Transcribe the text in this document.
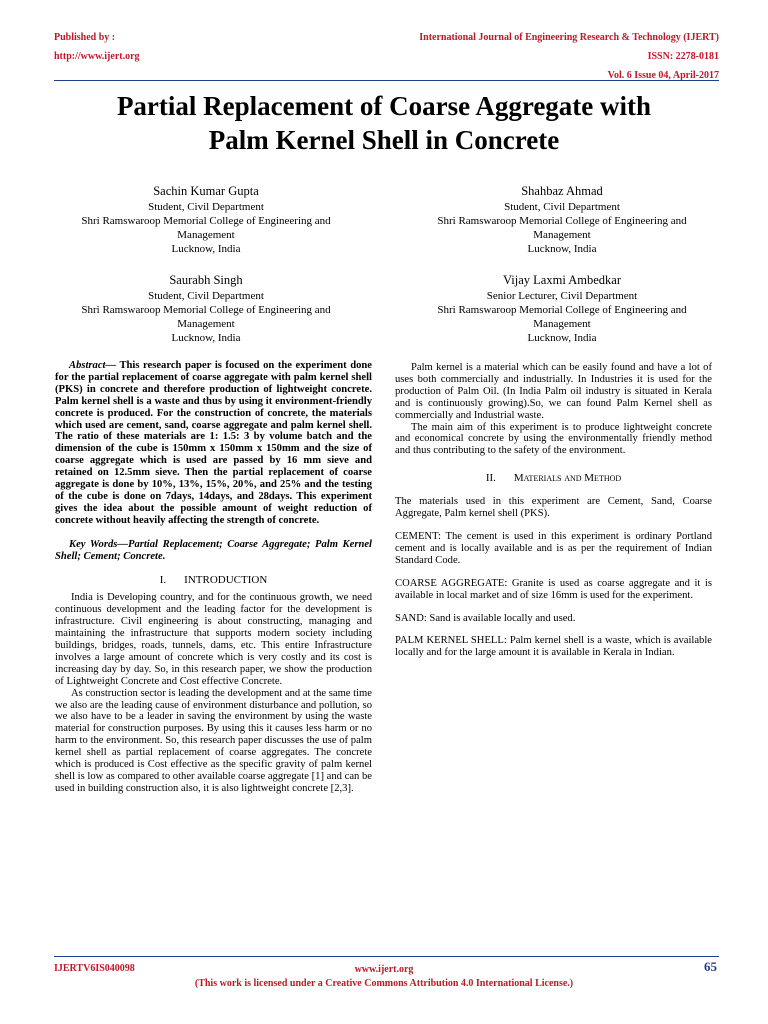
Published by :
http://www.ijert.org
International Journal of Engineering Research & Technology (IJERT)
ISSN: 2278-0181
Vol. 6 Issue 04, April-2017
Partial Replacement of Coarse Aggregate with
Palm Kernel Shell in Concrete
Sachin Kumar Gupta
Student, Civil Department
Shri Ramswaroop Memorial College of Engineering and
Management
Lucknow, India
Shahbaz Ahmad
Student, Civil Department
Shri Ramswaroop Memorial College of Engineering and
Management
Lucknow, India
Saurabh Singh
Student, Civil Department
Shri Ramswaroop Memorial College of Engineering and
Management
Lucknow, India
Vijay Laxmi Ambedkar
Senior Lecturer, Civil Department
Shri Ramswaroop Memorial College of Engineering and
Management
Lucknow, India

Abstract— This research paper is focused on the experiment done for the partial replacement of coarse aggregate with palm kernel shell (PKS) in concrete and therefore production of lightweight concrete. Palm kernel shell is a waste and thus by using it environment-friendly concrete is produced. For the construction of concrete, the materials which used are cement, sand, coarse aggregate and palm kernel shell. The ratio of these materials are 1: 1.5: 3 by volume batch and the dimension of the cube is 150mm x 150mm x 150mm and the size of coarse aggregate which is used are passed by 16 mm sieve and retained on 12.5mm sieve. Then the partial replacement of coarse aggregate is done by 10%, 13%, 15%, 20%, and 25% and the testing of the cube is done on 7days, 14days, and 28days. This experiment gives the idea about the possible amount of weight reduction of concrete without heavily affecting the strength of concrete.

Key Words—Partial Replacement; Coarse Aggregate; Palm Kernel Shell; Cement; Concrete.

I. INTRODUCTION

India is Developing country, and for the continuous growth, we need continuous development and the leading factor for the development is infrastructure. Civil engineering is about constructing, managing and maintaining the infrastructure that supports modern society including buildings, bridges, roads, tunnels, dams, etc. This entire Infrastructure involves a large amount of concrete which is very costly and its cost is increasing day by day. So, in this research paper, we show the production of Lightweight Concrete and Cost effective Concrete.

As construction sector is leading the development and at the same time we also are the leading cause of environment disturbance and pollution, so we also have to be a leader in saving the environment by using the waste material for construction purposes. By using this it causes less harm or no harm to the environment. So, this research paper discusses the use of palm kernel shell as partial replacement of coarse aggregates. The concrete which is produced is Cost effective as the specific gravity of palm kernel shell is low as compared to other available coarse aggregate [1] and can be used in building construction also, it is also lightweight concrete [2,3].

Palm kernel is a material which can be easily found and have a lot of uses both commercially and industrially. In Industries it is used for the production of Palm Oil. (In India Palm oil industry is situated in Kerala and is continuously growing).So, we can found Palm Kernel shell as commercially and Industrial waste.

The main aim of this experiment is to produce lightweight concrete and economical concrete by using the environmentally friendly method and thus contributing to the safety of the environment.

II. Materials and Method

The materials used in this experiment are Cement, Sand, Coarse Aggregate, Palm kernel shell (PKS).

CEMENT: The cement is used in this experiment is ordinary Portland cement and is locally available and is as per the requirement of Indian Standard Code.

COARSE AGGREGATE: Granite is used as coarse aggregate and it is available in local market and of size 16mm is used for the experiment.

SAND: Sand is available locally and used.

PALM KERNEL SHELL: Palm kernel shell is a waste, which is available locally and for the large amount it is available in Kerala in Indian.

IJERTV6IS040098	www.ijert.org
(This work is licensed under a Creative Commons Attribution 4.0 International License.)
65
